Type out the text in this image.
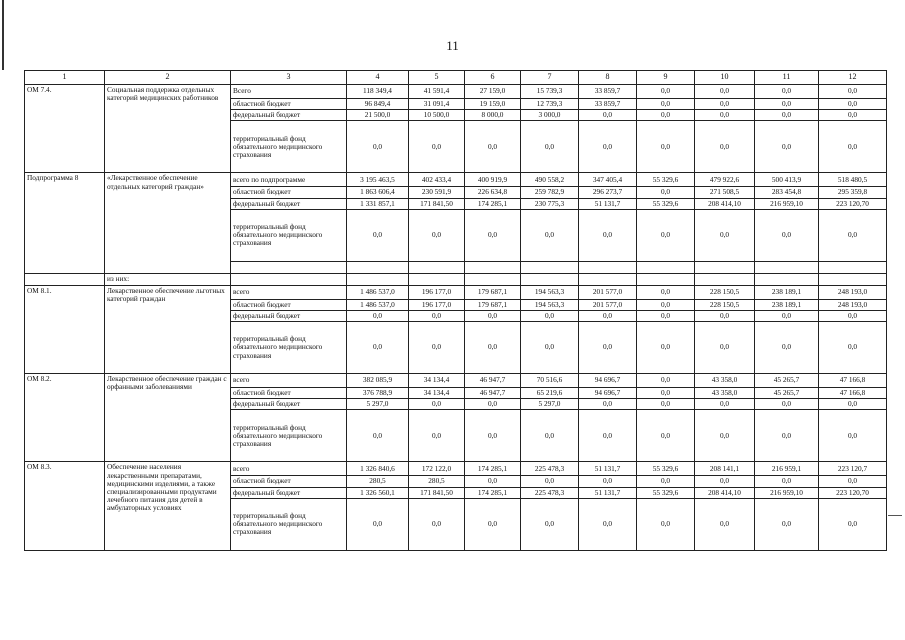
11
1	2	3	4	5	6	7	8	9	10	11	12
ОМ 7.4.	Социальная поддержка отдельных категорий медицинских работников	Всего	118 349,4	41 591,4	27 159,0	15 739,3	33 859,7	0,0	0,0	0,0	0,0
		областной бюджет	96 849,4	31 091,4	19 159,0	12 739,3	33 859,7	0,0	0,0	0,0	0,0
		федеральный бюджет	21 500,0	10 500,0	8 000,0	3 000,0	0,0	0,0	0,0	0,0	0,0
		территориальный фонд обязательного медицинского страхования	0,0	0,0	0,0	0,0	0,0	0,0	0,0	0,0	0,0
Подпрограмма 8	«Лекарственное обеспечение отдельных категорий граждан»	всего по подпрограмме	3 195 463,5	402 433,4	400 919,9	490 558,2	347 405,4	55 329,6	479 922,6	500 413,9	518 480,5
		областной бюджет	1 863 606,4	230 591,9	226 634,8	259 782,9	296 273,7	0,0	271 508,5	283 454,8	295 359,8
		федеральный бюджет	1 331 857,1	171 841,50	174 285,1	230 775,3	51 131,7	55 329,6	208 414,10	216 959,10	223 120,70
		территориальный фонд обязательного медицинского страхования	0,0	0,0	0,0	0,0	0,0	0,0	0,0	0,0	0,0

	из них:										
ОМ 8.1.	Лекарственное обеспечение льготных категорий граждан	всего	1 486 537,0	196 177,0	179 687,1	194 563,3	201 577,0	0,0	228 150,5	238 189,1	248 193,0
		областной бюджет	1 486 537,0	196 177,0	179 687,1	194 563,3	201 577,0	0,0	228 150,5	238 189,1	248 193,0
		федеральный бюджет	0,0	0,0	0,0	0,0	0,0	0,0	0,0	0,0	0,0
		территориальный фонд обязательного медицинского страхования	0,0	0,0	0,0	0,0	0,0	0,0	0,0	0,0	0,0
ОМ 8.2.	Лекарственное обеспечение граждан с орфанными заболеваниями	всего	382 085,9	34 134,4	46 947,7	70 516,6	94 696,7	0,0	43 358,0	45 265,7	47 166,8
		областной бюджет	376 788,9	34 134,4	46 947,7	65 219,6	94 696,7	0,0	43 358,0	45 265,7	47 166,8
		федеральный бюджет	5 297,0	0,0	0,0	5 297,0	0,0	0,0	0,0	0,0	0,0
		территориальный фонд обязательного медицинского страхования	0,0	0,0	0,0	0,0	0,0	0,0	0,0	0,0	0,0
ОМ 8.3.	Обеспечение населения лекарственными препаратами, медицинскими изделиями, а также специализированными продуктами лечебного питания для детей в амбулаторных условиях	всего	1 326 840,6	172 122,0	174 285,1	225 478,3	51 131,7	55 329,6	208 141,1	216 959,1	223 120,7
		областной бюджет	280,5	280,5	0,0	0,0	0,0	0,0	0,0	0,0	0,0
		федеральный бюджет	1 326 560,1	171 841,50	174 285,1	225 478,3	51 131,7	55 329,6	208 414,10	216 959,10	223 120,70
		территориальный фонд обязательного медицинского страхования	0,0	0,0	0,0	0,0	0,0	0,0	0,0	0,0	0,0
